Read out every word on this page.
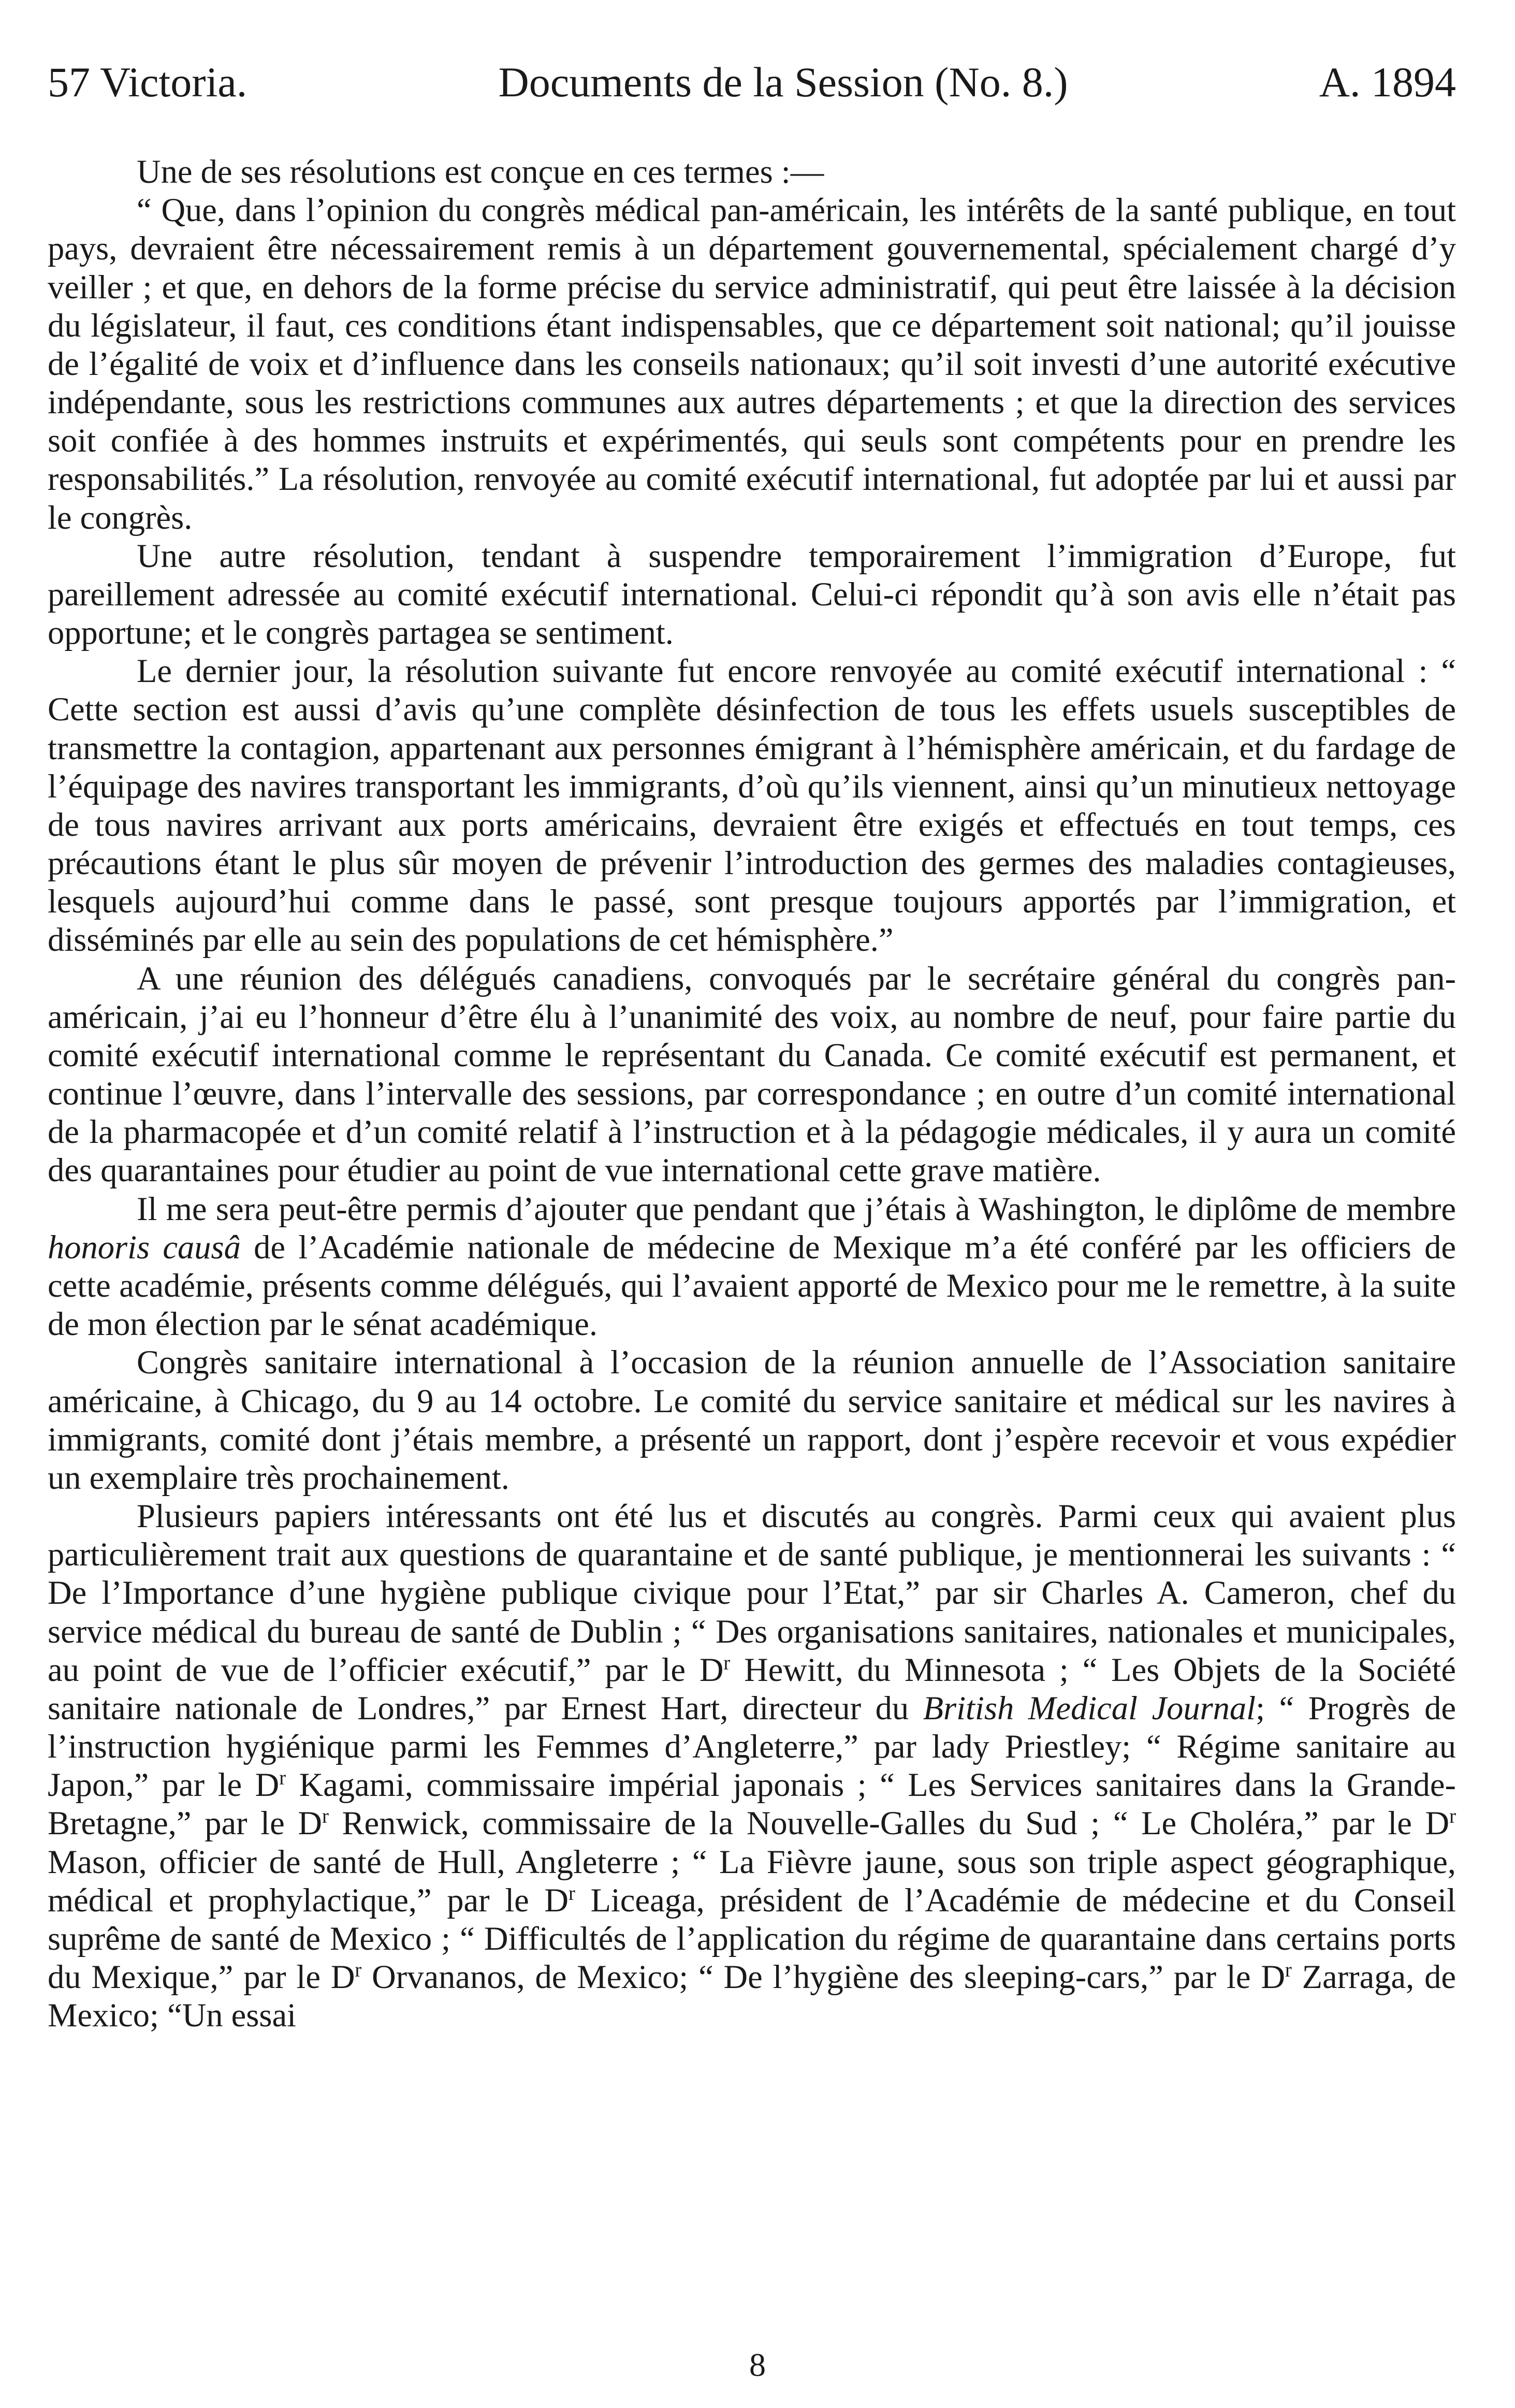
57 Victoria.	Documents de la Session (No. 8.)	A. 1894

Une de ses résolutions est conçue en ces termes :—

“ Que, dans l’opinion du congrès médical pan-américain, les intérêts de la santé publique, en tout pays, devraient être nécessairement remis à un département gouvernemental, spécialement chargé d’y veiller ; et que, en dehors de la forme précise du service administratif, qui peut être laissée à la décision du législateur, il faut, ces conditions étant indispensables, que ce département soit national; qu’il jouisse de l’égalité de voix et d’influence dans les conseils nationaux; qu’il soit investi d’une autorité exécutive indépendante, sous les restrictions communes aux autres départements ; et que la direction des services soit confiée à des hommes instruits et expérimentés, qui seuls sont compétents pour en prendre les responsabilités.” La résolution, renvoyée au comité exécutif international, fut adoptée par lui et aussi par le congrès.

Une autre résolution, tendant à suspendre temporairement l’immigration d’Europe, fut pareillement adressée au comité exécutif international. Celui-ci répondit qu’à son avis elle n’était pas opportune; et le congrès partagea se sentiment.

Le dernier jour, la résolution suivante fut encore renvoyée au comité exécutif international : “ Cette section est aussi d’avis qu’une complète désinfection de tous les effets usuels susceptibles de transmettre la contagion, appartenant aux personnes émigrant à l’hémisphère américain, et du fardage de l’équipage des navires transportant les immigrants, d’où qu’ils viennent, ainsi qu’un minutieux nettoyage de tous navires arrivant aux ports américains, devraient être exigés et effectués en tout temps, ces précautions étant le plus sûr moyen de prévenir l’introduction des germes des maladies contagieuses, lesquels aujourd’hui comme dans le passé, sont presque toujours apportés par l’immigration, et disséminés par elle au sein des populations de cet hémisphère.”

A une réunion des délégués canadiens, convoqués par le secrétaire général du congrès pan-américain, j’ai eu l’honneur d’être élu à l’unanimité des voix, au nombre de neuf, pour faire partie du comité exécutif international comme le représentant du Canada. Ce comité exécutif est permanent, et continue l’œuvre, dans l’intervalle des sessions, par correspondance ; en outre d’un comité international de la pharmacopée et d’un comité relatif à l’instruction et à la pédagogie médicales, il y aura un comité des quarantaines pour étudier au point de vue international cette grave matière.

Il me sera peut-être permis d’ajouter que pendant que j’étais à Washington, le diplôme de membre honoris causâ de l’Académie nationale de médecine de Mexique m’a été conféré par les officiers de cette académie, présents comme délégués, qui l’avaient apporté de Mexico pour me le remettre, à la suite de mon élection par le sénat académique.

Congrès sanitaire international à l’occasion de la réunion annuelle de l’Association sanitaire américaine, à Chicago, du 9 au 14 octobre. Le comité du service sanitaire et médical sur les navires à immigrants, comité dont j’étais membre, a présenté un rapport, dont j’espère recevoir et vous expédier un exemplaire très prochainement.

Plusieurs papiers intéressants ont été lus et discutés au congrès. Parmi ceux qui avaient plus particulièrement trait aux questions de quarantaine et de santé publique, je mentionnerai les suivants : “ De l’Importance d’une hygiène publique civique pour l’Etat,” par sir Charles A. Cameron, chef du service médical du bureau de santé de Dublin ; “ Des organisations sanitaires, nationales et municipales, au point de vue de l’officier exécutif,” par le $D^r$ Hewitt, du Minnesota ; “ Les Objets de la Société sanitaire nationale de Londres,” par Ernest Hart, directeur du British Medical Journal; “ Progrès de l’instruction hygiénique parmi les Femmes d’Angleterre,” par lady Priestley; “ Régime sanitaire au Japon,” par le $D^r$ Kagami, commissaire impérial japonais ; “ Les Services sanitaires dans la Grande-Bretagne,” par le $D^r$ Renwick, commissaire de la Nouvelle-Galles du Sud ; “ Le Choléra,” par le $D^r$ Mason, officier de santé de Hull, Angleterre ; “ La Fièvre jaune, sous son triple aspect géographique, médical et prophylactique,” par le $D^r$ Liceaga, président de l’Académie de médecine et du Conseil suprême de santé de Mexico ; “ Difficultés de l’application du régime de quarantaine dans certains ports du Mexique,” par le $D^r$ Orvananos, de Mexico; “ De l’hygiène des sleeping-cars,” par le $D^r$ Zarraga, de Mexico; “Un essai

8
